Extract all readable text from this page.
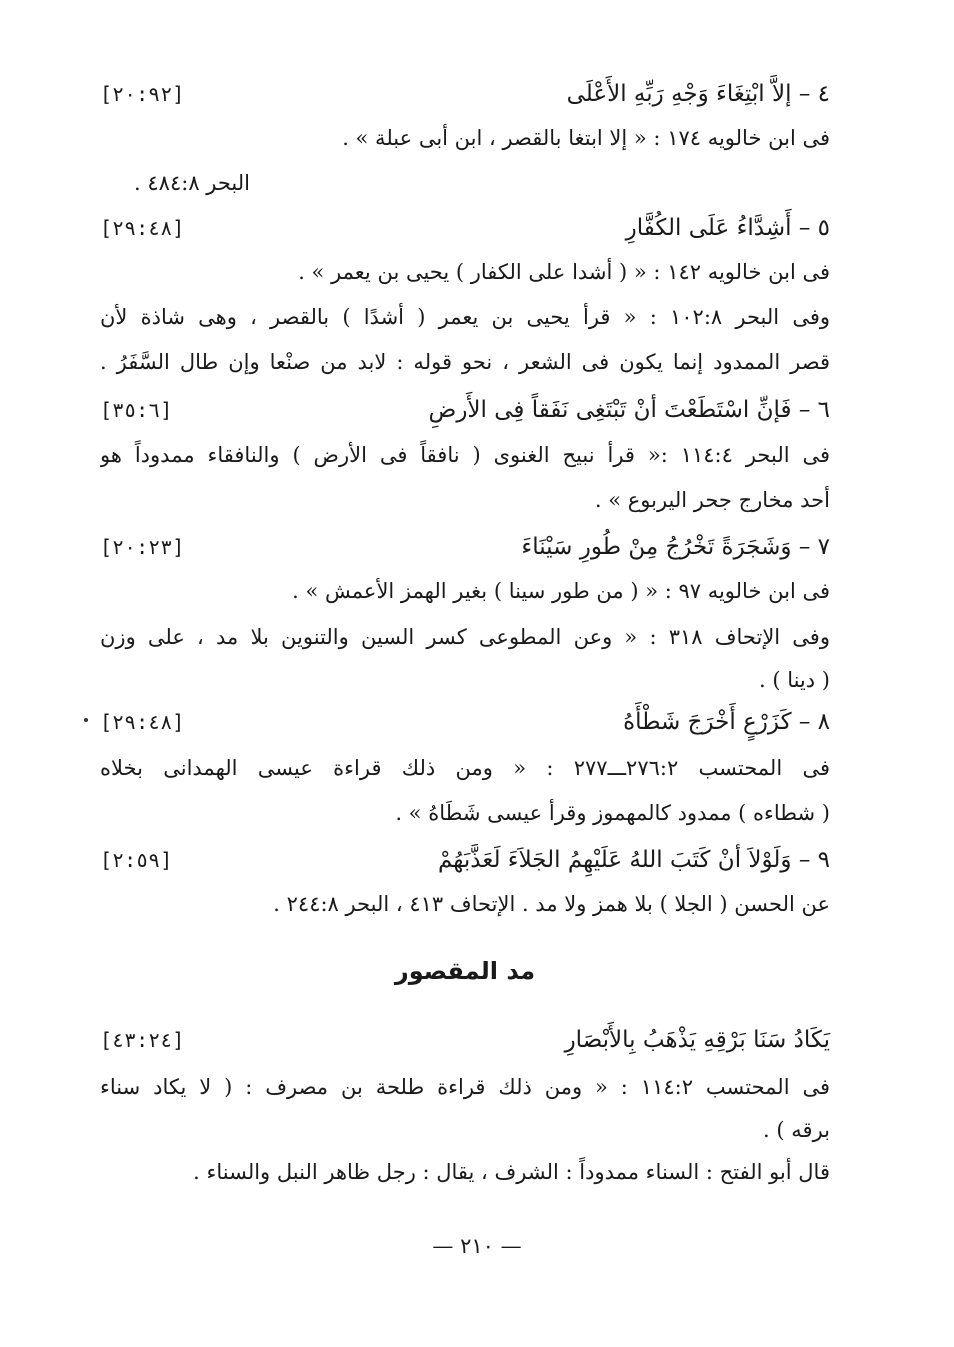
٤ – إلاَّ ابْتِغَاءَ وَجْهِ رَبِّهِ الأَعْلَى
[٢٠:٩٢]
فى ابن خالويه ١٧٤ : « إلا ابتغا بالقصر ، ابن أبى عبلة » .
البحر ٤٨٤:٨ .
٥ – أَشِدَّاءُ عَلَى الكُفَّارِ
[٢٩:٤٨]
فى ابن خالويه ١٤٢ : « ( أشدا على الكفار ) يحيى بن يعمر » .
وفى البحر ١٠٢:٨ : « قرأ يحيى بن يعمر ( أشدًا ) بالقصر ، وهى شاذة لأن
قصر الممدود إنما يكون فى الشعر ، نحو قوله : لابد من صنْعا وإن طال السَّفَرُ .
٦ – فَإنِّ اسْتَطَعْتَ أنْ تَبْتَغِى نَفَقاً فِى الأَرضِ
[٣٥:٦]
فى البحر ١١٤:٤ :« قرأ نبيح الغنوى ( نافقاً فى الأرض ) والنافقاء ممدوداً هو
أحد مخارج جحر اليربوع » .
٧ – وَشَجَرَةً تَخْرُجُ مِنْ طُورِ سَيْنَاءَ
[٢٠:٢٣]
فى ابن خالويه ٩٧ : « ( من طور سينا ) بغير الهمز الأعمش » .
وفى الإتحاف ٣١٨ : « وعن المطوعى كسر السين والتنوين بلا مد ، على وزن
( دينا ) .
٨ – كَزَرْعٍ أَخْرَجَ شَطْأَهُ
[٢٩:٤٨]
فى المحتسب ٢٧٦:٢ـــ٢٧٧ : « ومن ذلك قراءة عيسى الهمدانى بخلاه
( شطاءه ) ممدود كالمهموز وقرأ عيسى شَطَاهُ » .
٩ – وَلَوْلاَ أنْ كَتَبَ اللهُ عَلَيْهِمُ الجَلاَءَ لَعَذَّبَهُمْ
[٢:٥٩]
عن الحسن ( الجلا ) بلا همز ولا مد . الإتحاف ٤١٣ ، البحر ٢٤٤:٨ .
مد المقصور
يَكَادُ سَنَا بَرْقِهِ يَذْهَبُ بِالأَبْصَارِ
[٤٣:٢٤]
فى المحتسب ١١٤:٢ : « ومن ذلك قراءة طلحة بن مصرف : ( لا يكاد سناء
برقه ) .
قال أبو الفتح : السناء ممدوداً : الشرف ، يقال : رجل ظاهر النبل والسناء .
— ٢١٠ —
